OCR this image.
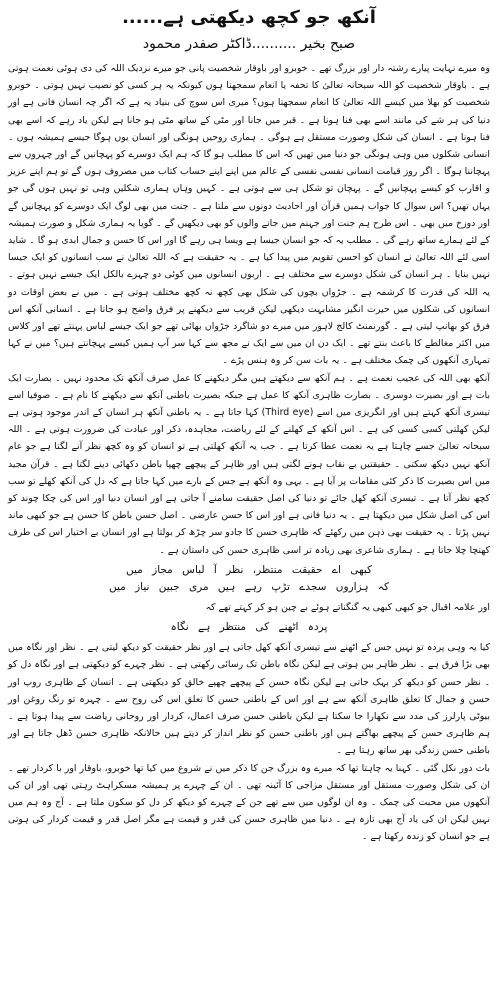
آنکھ جو کچھ دیکھتی ہے......
صبح بخیر ..........ڈاکٹر صفدر محمود

وہ میرے نہایت پیارے رشتہ دار اور بزرگ تھے ۔ خوبرو اور باوقار شخصیت پانی جو میرے نزدیک اللہ کی دی ہوئی نعمت ہوتی ہے ۔ باوقار شخصیت کو اللہ سبحانہ تعالیٰ کا تحفہ یا انعام سمجھتا ہوں کیونکہ یہ ہر کسی کو نصیب نہیں ہوتی ۔ خوبرو شخصیت کو بھلا میں کیسے اللہ تعالیٰ کا انعام سمجھتا ہوں؟ میری اس سوچ کی بنیاد یہ ہے کہ اگر چہ انسان فانی ہے اور دنیا کی ہر شے کی مانند اسے بھی فنا ہونا ہے ۔ قبر میں جانا اور مٹی کے ساتھ مٹی ہو جانا ہے لیکن یاد رہے کہ اسے بھی فنا ہونا ہے ۔ انسان کی شکل وصورت مستقل ہے ہوگی ۔ ہماری روحیں ہونگی اور انسان یوں ہوگا جیسے ہمیشہ ہوں ۔ انسانی شکلوں میں وہی ہونگی جو دنیا میں تھیں کہ اس کا مطلب ہو گا کہ ہم ایک دوسرے کو پہچانیں گے اور چہروں سے پہچاننا ہوگا ۔ اگر روز قیامت انسانی نفسی نفسی کے عالم میں اپنے اپنے حساب کتاب میں مصروف ہوں گے تو ہم اپنے عزیز و اقارب کو کیسے پہچانیں گے ۔ پہچان تو شکل ہی سے ہوتی ہے ۔ کہیں وہاں ہماری شکلیں وہی تو نہیں ہوں گی جو یہاں تھیں؟ اس سوال کا جواب ہمیں قرآن اور احادیث دونوں سے ملتا ہے ۔ جنت میں بھی لوگ ایک دوسرے کو پہچانیں گے اور دوزخ میں بھی ۔ اس طرح ہم جنت اور جہنم میں جانے والوں کو بھی دیکھیں گے ۔ گویا یہ ہماری شکل و صورت ہمیشہ کے لئے ہمارے ساتھ رہے گی ۔ مطلب یہ کہ جو انسان جیسا ہے ویسا ہی رہے گا اور اس کا حسن و جمال ابدی ہو گا ۔ شاید اسی لئے اللہ تعالیٰ نے انسان کو احسن تقویم میں پیدا کیا ہے ۔ یہ حقیقت ہے کہ اللہ تعالیٰ نے سب انسانوں کو ایک جیسا نہیں بنایا ۔ ہر انسان کی شکل دوسرے سے مختلف ہے ۔ اربوں انسانوں میں کوئی دو چہرے بالکل ایک جیسے نہیں ہوتے ۔ یہ اللہ کی قدرت کا کرشمہ ہے ۔ جڑواں بچوں کی شکل بھی کچھ نہ کچھ مختلف ہوتی ہے ۔ میں نے بعض اوقات دو انسانوں کی شکلوں میں حیرت انگیز مشابہت دیکھی لیکن قریب سے دیکھنے پر فرق واضح ہو جاتا ہے ۔ انسانی آنکھ اس فرق کو بھانپ لیتی ہے ۔ گورنمنٹ کالج لاہور میں میرے دو شاگرد جڑواں بھائی تھے جو ایک جیسے لباس پہنتے تھے اور کلاس میں اکثر مغالطے کا باعث بنتے تھے ۔ ایک دن ان میں سے ایک نے مجھ سے کہا سر آپ ہمیں کیسے پہچانتے ہیں؟ میں نے کہا تمہاری آنکھوں کی چمک مختلف ہے ۔ یہ بات سن کر وہ ہنس پڑے ۔

آنکھ بھی اللہ کی عجیب نعمت ہے ۔ ہم آنکھ سے دیکھتے ہیں مگر دیکھنے کا عمل صرف آنکھ تک محدود نہیں ۔ بصارت ایک بات ہے اور بصیرت دوسری ۔ بصارت ظاہری آنکھ کا عمل ہے جبکہ بصیرت باطنی آنکھ سے دیکھنے کا نام ہے ۔ صوفیا اسے تیسری آنکھ کہتے ہیں اور انگریزی میں اسے (Third eye) کہا جاتا ہے ۔ یہ باطنی آنکھ ہر انسان کے اندر موجود ہوتی ہے لیکن کھلتی کسی کسی کی ہے ۔ اس آنکھ کے کھلنے کے لئے ریاضت، مجاہدہ، ذکر اور عبادت کی ضرورت ہوتی ہے ۔ اللہ سبحانہ تعالیٰ جسے چاہتا ہے یہ نعمت عطا کرتا ہے ۔ جب یہ آنکھ کھلتی ہے تو انسان کو وہ کچھ نظر آنے لگتا ہے جو عام آنکھ نہیں دیکھ سکتی ۔ حقیقتیں بے نقاب ہونے لگتی ہیں اور ظاہر کے پیچھے چھپا باطن دکھائی دینے لگتا ہے ۔ قرآن مجید میں اس بصیرت کا ذکر کئی مقامات پر آیا ہے ۔ یہی وہ آنکھ ہے جس کے بارے میں کہا جاتا ہے کہ دل کی آنکھ کھلے تو سب کچھ نظر آتا ہے ۔ تیسری آنکھ کھل جائے تو دنیا کی اصل حقیقت سامنے آ جاتی ہے اور انسان دنیا اور اس کی چکا چوند کو اس کی اصل شکل میں دیکھتا ہے ۔ یہ دنیا فانی ہے اور اس کا حسن عارضی ۔ اصل حسن باطن کا حسن ہے جو کبھی ماند نہیں پڑتا ۔ یہ حقیقت بھی ذہن میں رکھئے کہ ظاہری حسن کا جادو سر چڑھ کر بولتا ہے اور انسان بے اختیار اس کی طرف کھنچا چلا جاتا ہے ۔ ہماری شاعری بھی زیادہ تر اسی ظاہری حسن کی داستان ہے ۔

کبھی اے حقیقت منتظر، نظر آ لباس مجاز میں
کہ ہزاروں سجدے تڑپ رہے ہیں مری جبین نیاز میں

اور علامہ اقبال جو کبھی کبھی یہ گنگناتے ہوئے بے چین ہو کر کہتے تھے کہ

پردہ اٹھنے کی منتظر ہے نگاہ

کیا یہ وہی پردہ تو نہیں جس کے اٹھنے سے تیسری آنکھ کھل جاتی ہے اور نظر حقیقت کو دیکھ لیتی ہے ۔ نظر اور نگاہ میں بھی بڑا فرق ہے ۔ نظر ظاہر بین ہوتی ہے لیکن نگاہ باطن تک رسائی رکھتی ہے ۔ نظر چہرے کو دیکھتی ہے اور نگاہ دل کو ۔ نظر حسن کو دیکھ کر بہک جاتی ہے لیکن نگاہ حسن کے پیچھے چھپے خالق کو دیکھتی ہے ۔ انسان کے ظاہری روپ اور حسن و جمال کا تعلق ظاہری آنکھ سے ہے اور اس کے باطنی حسن کا تعلق اس کی روح سے ۔ چہرہ تو رنگ روغن اور بیوٹی پارلرز کی مدد سے نکھارا جا سکتا ہے لیکن باطنی حسن صرف اعمال، کردار اور روحانی ریاضت سے پیدا ہوتا ہے ۔ ہم ظاہری حسن کے پیچھے بھاگتے ہیں اور باطنی حسن کو نظر انداز کر دیتے ہیں حالانکہ ظاہری حسن ڈھل جاتا ہے اور باطنی حسن زندگی بھر ساتھ رہتا ہے ۔

بات دور نکل گئی ۔ کہنا یہ چاہتا تھا کہ میرے وہ بزرگ جن کا ذکر میں نے شروع میں کیا تھا خوبرو، باوقار اور با کردار تھے ۔ ان کی شکل وصورت مستقل اور مستقل مزاجی کا آئینہ تھی ۔ ان کے چہرے پر ہمیشہ مسکراہٹ رہتی تھی اور ان کی آنکھوں میں محبت کی چمک ۔ وہ ان لوگوں میں سے تھے جن کے چہرے کو دیکھ کر دل کو سکون ملتا ہے ۔ آج وہ ہم میں نہیں لیکن ان کی یاد آج بھی تازہ ہے ۔ دنیا میں ظاہری حسن کی قدر و قیمت ہے مگر اصل قدر و قیمت کردار کی ہوتی ہے جو انسان کو زندہ رکھتا ہے ۔
